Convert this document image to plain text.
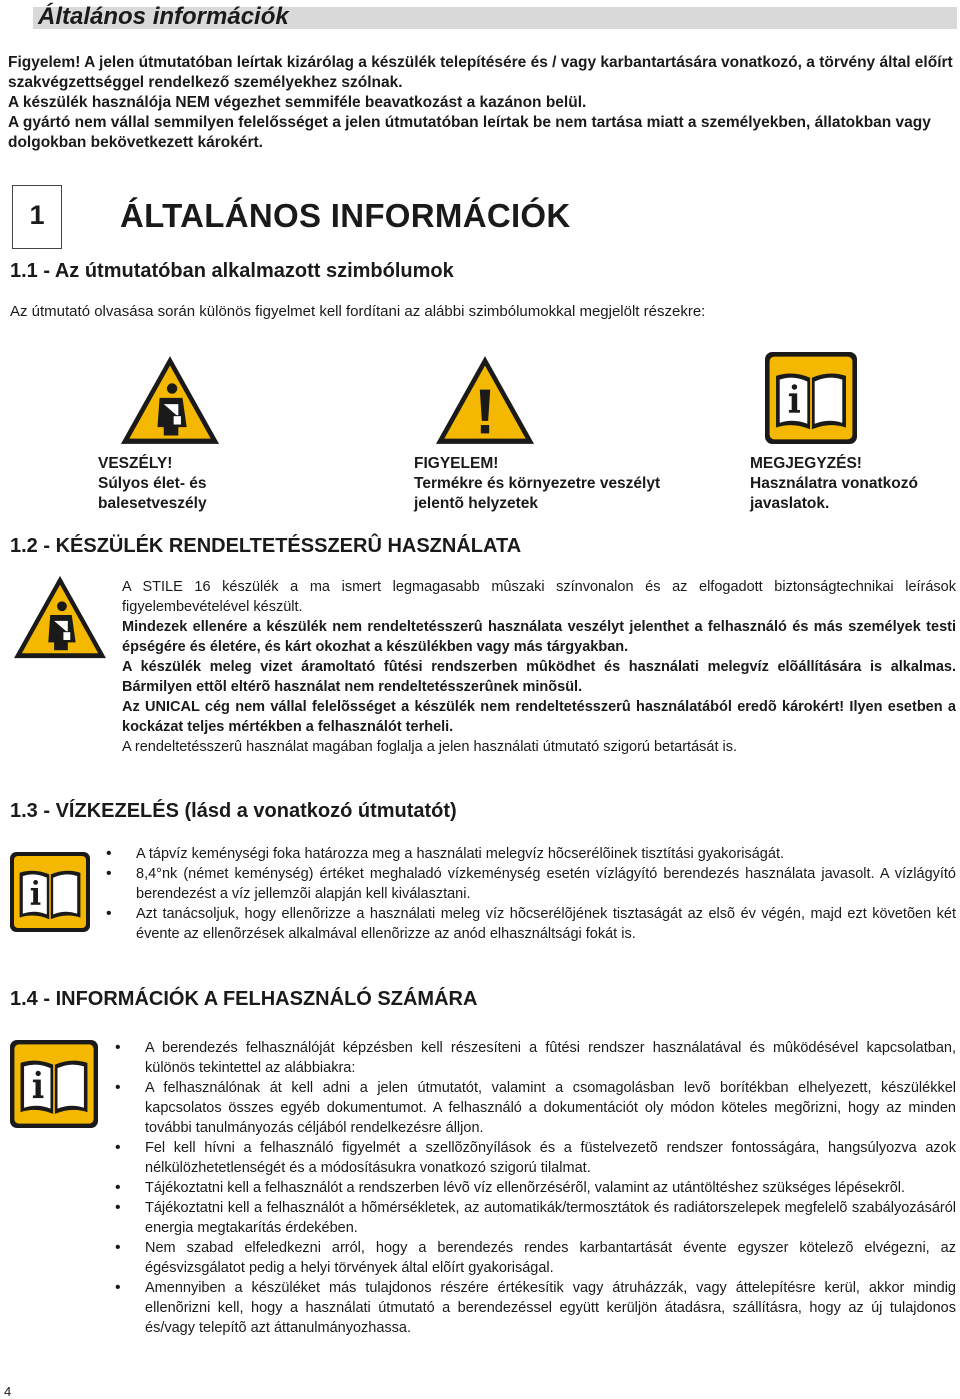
Általános információk

Figyelem! A jelen útmutatóban leírtak kizárólag a készülék telepítésére és / vagy karbantartására vonatkozó, a törvény által előírt szakvégzettséggel rendelkező személyekhez szólnak.

A készülék használója NEM végezhet semmiféle beavatkozást a kazánon belül.

A gyártó nem vállal semmilyen felelősséget a jelen útmutatóban leírtak be nem tartása miatt a személyekben, állatokban vagy dolgokban bekövetkezett károkért.

1	ÁLTALÁNOS INFORMÁCIÓK
1.1 - Az útmutatóban alkalmazott szimbólumok
Az útmutató olvasása során különös figyelmet kell fordítani az alábbi szimbólumokkal megjelölt részekre:
VESZÉLY!
Súlyos élet- és
balesetveszély
FIGYELEM!
Termékre és környezetre veszélyt
jelentõ helyzetek
MEGJEGYZÉS!
Használatra vonatkozó
javaslatok.
1.2 - KÉSZÜLÉK RENDELTETÉSSZERÛ HASZNÁLATA

A STILE 16 készülék a ma ismert legmagasabb mûszaki színvonalon és az elfogadott biztonságtechnikai leírások figyelembevételével készült.

Mindezek ellenére a készülék nem rendeltetésszerû használata veszélyt jelenthet a felhasználó és más személyek testi épségére és életére, és kárt okozhat a készülékben vagy más tárgyakban.

A készülék meleg vizet áramoltató fûtési rendszerben mûködhet és használati melegvíz elõállítására is alkalmas. Bármilyen ettõl eltérõ használat nem rendeltetésszerûnek minõsül.

Az UNICAL cég nem vállal felelõsséget a készülék nem rendeltetésszerû használatából eredõ károkért! Ilyen esetben a kockázat teljes mértékben a felhasználót terheli.

A rendeltetésszerû használat magában foglalja a jelen használati útmutató szigorú betartását is.

1.3 - VÍZKEZELÉS (lásd a vonatkozó útmutatót)
• A tápvíz keménységi foka határozza meg a használati melegvíz hõcserélõinek tisztítási gyakoriságát.
• 8,4°nk (német keménység) értéket meghaladó vízkeménység esetén vízlágyító berendezés használata javasolt. A vízlágyító berendezést a víz jellemzõi alapján kell kiválasztani.
• Azt tanácsoljuk, hogy ellenõrizze a használati meleg víz hõcserélõjének tisztaságát az elsõ év végén, majd ezt követõen két évente az ellenõrzések alkalmával ellenõrizze az anód elhasználtsági fokát is.
1.4 - INFORMÁCIÓK A FELHASZNÁLÓ SZÁMÁRA
• A berendezés felhasználóját képzésben kell részesíteni a fûtési rendszer használatával és mûködésével kapcsolatban, különös tekintettel az alábbiakra:
• A felhasználónak át kell adni a jelen útmutatót, valamint a csomagolásban levõ borítékban elhelyezett, készülékkel kapcsolatos összes egyéb dokumentumot. A felhasználó a dokumentációt oly módon köteles megõrizni, hogy az minden további tanulmányozás céljából rendelkezésre álljon.
• Fel kell hívni a felhasználó figyelmét a szellõzõnyílások és a füstelvezetõ rendszer fontosságára, hangsúlyozva azok nélkülözhetetlenségét és a módosításukra vonatkozó szigorú tilalmat.
• Tájékoztatni kell a felhasználót a rendszerben lévõ víz ellenõrzésérõl, valamint az utántöltéshez szükséges lépésekrõl.
• Tájékoztatni kell a felhasználót a hõmérsékletek, az automatikák/termosztátok és radiátorszelepek megfelelõ szabályozásáról energia megtakarítás érdekében.
• Nem szabad elfeledkezni arról, hogy a berendezés rendes karbantartását évente egyszer kötelezõ elvégezni, az égésvizsgálatot pedig a helyi törvények által elõírt gyakoriságal.
• Amennyiben a készüléket más tulajdonos részére értékesítik vagy átruházzák, vagy áttelepítésre kerül, akkor mindig ellenõrizni kell, hogy a használati útmutató a berendezéssel együtt kerüljön átadásra, szállításra, hogy az új tulajdonos és/vagy telepítõ azt áttanulmányozhassa.
4
